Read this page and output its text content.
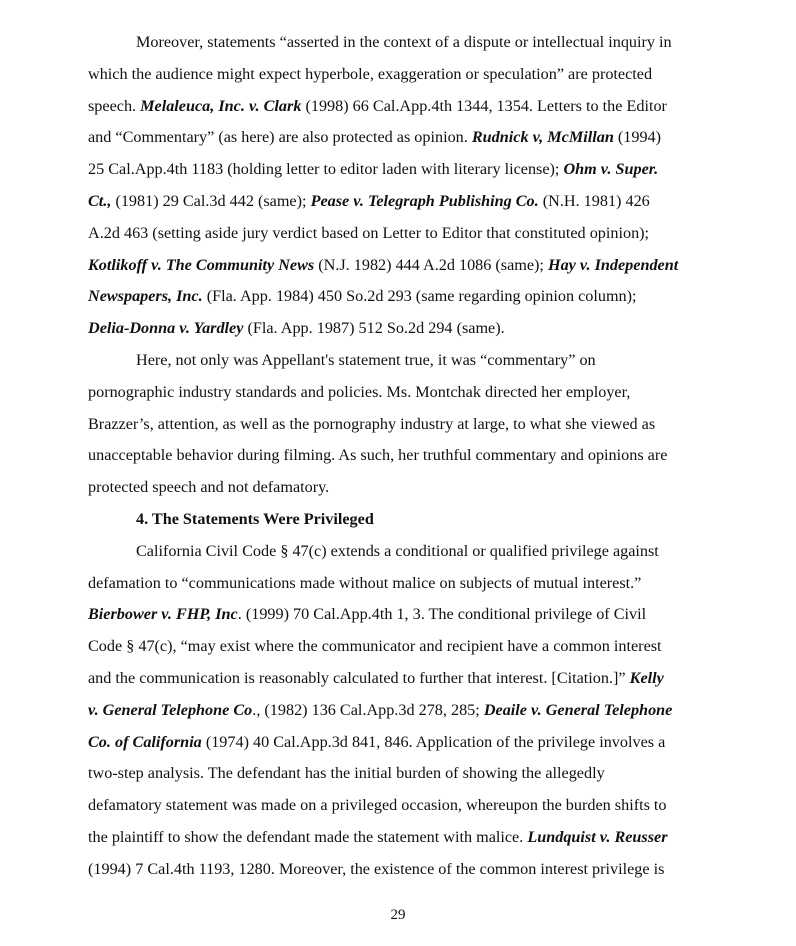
Moreover, statements “asserted in the context of a dispute or intellectual inquiry in
which the audience might expect hyperbole, exaggeration or speculation” are protected
speech. Melaleuca, Inc. v. Clark (1998) 66 Cal.App.4th 1344, 1354. Letters to the Editor
and “Commentary” (as here) are also protected as opinion. Rudnick v, McMillan (1994)
25 Cal.App.4th 1183 (holding letter to editor laden with literary license); Ohm v. Super.
Ct., (1981) 29 Cal.3d 442 (same); Pease v. Telegraph Publishing Co. (N.H. 1981) 426
A.2d 463 (setting aside jury verdict based on Letter to Editor that constituted opinion);
Kotlikoff v. The Community News (N.J. 1982) 444 A.2d 1086 (same); Hay v. Independent
Newspapers, Inc. (Fla. App. 1984) 450 So.2d 293 (same regarding opinion column);
Delia-Donna v. Yardley (Fla. App. 1987) 512 So.2d 294 (same).
Here, not only was Appellant's statement true, it was “commentary” on
pornographic industry standards and policies. Ms. Montchak directed her employer,
Brazzer’s, attention, as well as the pornography industry at large, to what she viewed as
unacceptable behavior during filming. As such, her truthful commentary and opinions are
protected speech and not defamatory.
4. The Statements Were Privileged
California Civil Code § 47(c) extends a conditional or qualified privilege against
defamation to “communications made without malice on subjects of mutual interest.”
Bierbower v. FHP, Inc. (1999) 70 Cal.App.4th 1, 3. The conditional privilege of Civil
Code § 47(c), “may exist where the communicator and recipient have a common interest
and the communication is reasonably calculated to further that interest. [Citation.]” Kelly
v. General Telephone Co., (1982) 136 Cal.App.3d 278, 285; Deaile v. General Telephone
Co. of California (1974) 40 Cal.App.3d 841, 846. Application of the privilege involves a
two-step analysis. The defendant has the initial burden of showing the allegedly
defamatory statement was made on a privileged occasion, whereupon the burden shifts to
the plaintiff to show the defendant made the statement with malice. Lundquist v. Reusser
(1994) 7 Cal.4th 1193, 1280. Moreover, the existence of the common interest privilege is
29
